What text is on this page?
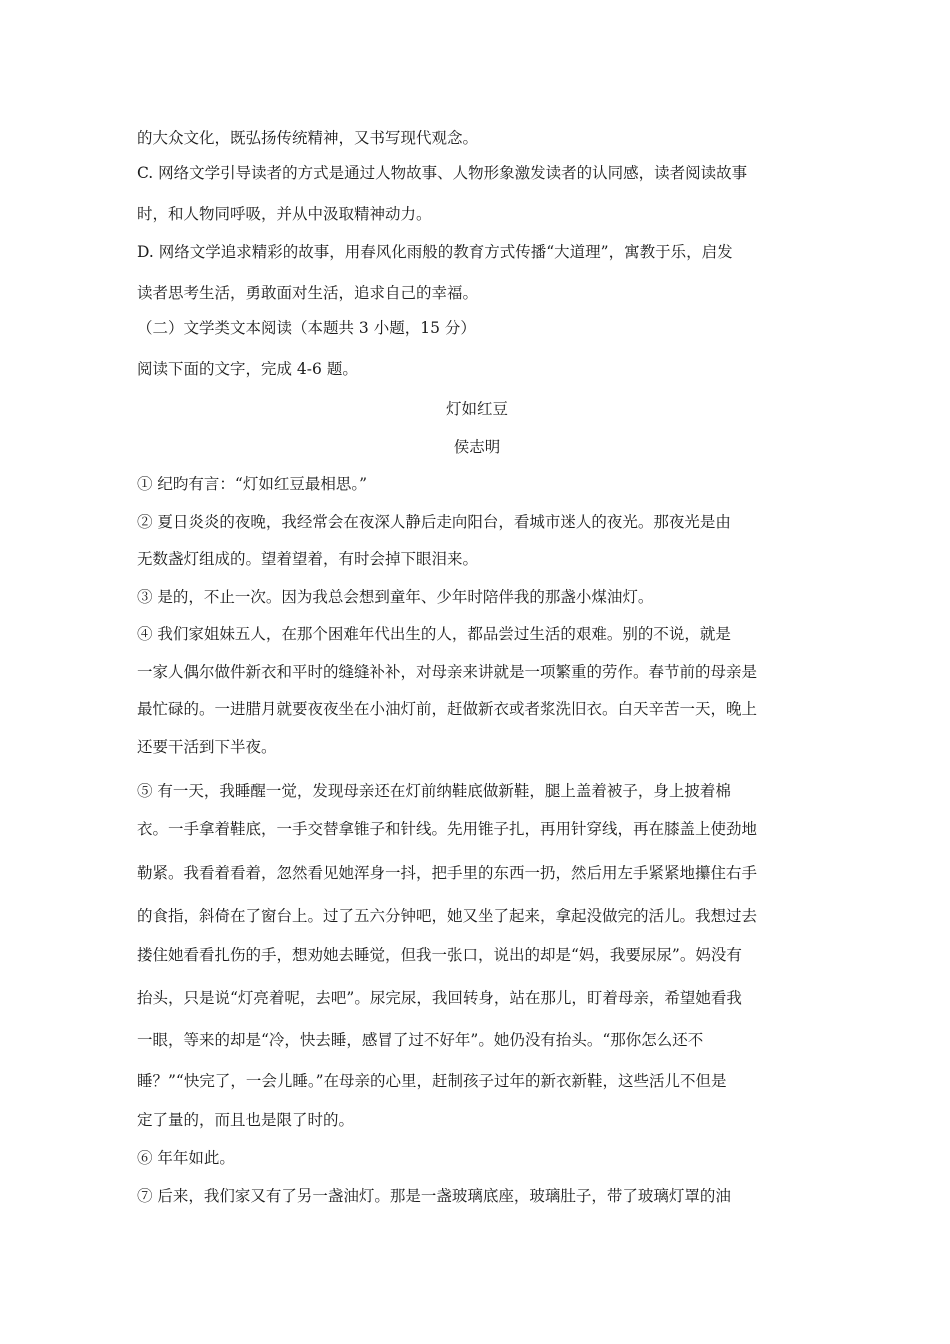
的大众文化，既弘扬传统精神，又书写现代观念。
C. 网络文学引导读者的方式是通过人物故事、人物形象激发读者的认同感，读者阅读故事
时，和人物同呼吸，并从中汲取精神动力。
D. 网络文学追求精彩的故事，用春风化雨般的教育方式传播“大道理”，寓教于乐，启发
读者思考生活，勇敢面对生活，追求自己的幸福。
（二）文学类文本阅读（本题共 3 小题，15 分）
阅读下面的文字，完成 4-6 题。
灯如红豆
侯志明
① 纪昀有言：“灯如红豆最相思。”
② 夏日炎炎的夜晚，我经常会在夜深人静后走向阳台，看城市迷人的夜光。那夜光是由
无数盏灯组成的。望着望着，有时会掉下眼泪来。
③ 是的，不止一次。因为我总会想到童年、少年时陪伴我的那盏小煤油灯。
④ 我们家姐妹五人，在那个困难年代出生的人，都品尝过生活的艰难。别的不说，就是
一家人偶尔做件新衣和平时的缝缝补补，对母亲来讲就是一项繁重的劳作。春节前的母亲是
最忙碌的。一进腊月就要夜夜坐在小油灯前，赶做新衣或者浆洗旧衣。白天辛苦一天，晚上
还要干活到下半夜。
⑤ 有一天，我睡醒一觉，发现母亲还在灯前纳鞋底做新鞋，腿上盖着被子，身上披着棉
衣。一手拿着鞋底，一手交替拿锥子和针线。先用锥子扎，再用针穿线，再在膝盖上使劲地
勒紧。我看着看着，忽然看见她浑身一抖，把手里的东西一扔，然后用左手紧紧地攥住右手
的食指，斜倚在了窗台上。过了五六分钟吧，她又坐了起来，拿起没做完的活儿。我想过去
搂住她看看扎伤的手，想劝她去睡觉，但我一张口，说出的却是“妈，我要尿尿”。妈没有
抬头，只是说“灯亮着呢，去吧”。尿完尿，我回转身，站在那儿，盯着母亲，希望她看我
一眼，等来的却是“冷，快去睡，感冒了过不好年”。她仍没有抬头。“那你怎么还不
睡？”“快完了，一会儿睡。”在母亲的心里，赶制孩子过年的新衣新鞋，这些活儿不但是
定了量的，而且也是限了时的。
⑥ 年年如此。
⑦ 后来，我们家又有了另一盏油灯。那是一盏玻璃底座，玻璃肚子，带了玻璃灯罩的油
